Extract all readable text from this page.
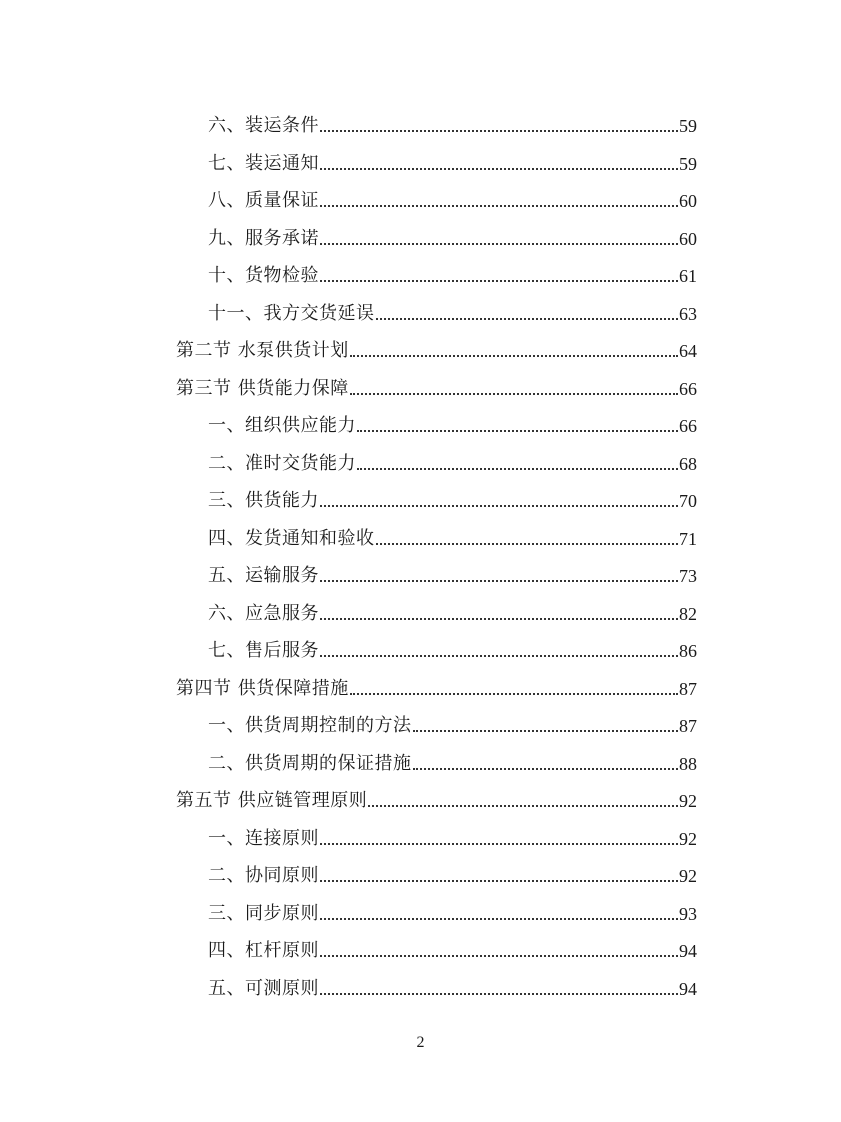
六、装运条件	59
七、装运通知	59
八、质量保证	60
九、服务承诺	60
十、货物检验	61
十一、我方交货延误	63
第二节 水泵供货计划	64
第三节 供货能力保障	66
一、组织供应能力	66
二、准时交货能力	68
三、供货能力	70
四、发货通知和验收	71
五、运输服务	73
六、应急服务	82
七、售后服务	86
第四节 供货保障措施	87
一、供货周期控制的方法	87
二、供货周期的保证措施	88
第五节 供应链管理原则	92
一、连接原则	92
二、协同原则	92
三、同步原则	93
四、杠杆原则	94
五、可测原则	94
2
